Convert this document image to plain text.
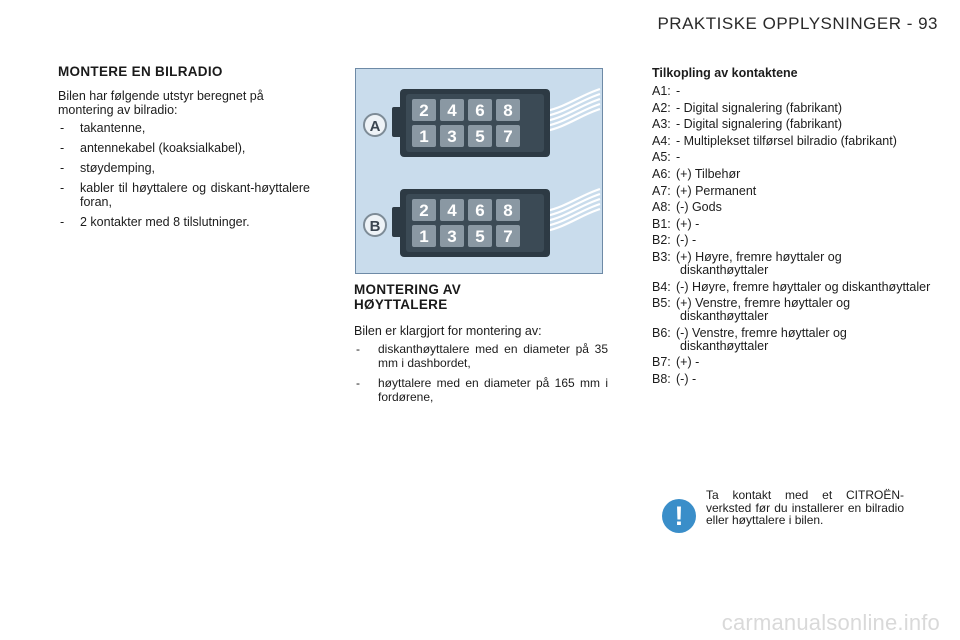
PRAKTISKE OPPLYSNINGER - 93
MONTERE EN BILRADIO

Bilen har følgende utstyr beregnet på montering av bilradio:

- takantenne,
- antennekabel (koaksialkabel),
- støydemping,
- kabler til høyttalere og diskant-høyttalere foran,
- 2 kontakter med 8 tilslutninger.
2 4 6 8
1 3 5 7
A
2 4 6 8
1 3 5 7
B
MONTERING AV
HØYTTALERE

Bilen er klargjort for montering av:

- diskanthøyttalere med en diameter på 35 mm i dashbordet,
- høyttalere med en diameter på 165 mm i fordørene,

Tilkopling av kontaktene

A1: -
A2: - Digital signalering (fabrikant)
A3: - Digital signalering (fabrikant)
A4: - Multiplekset tilførsel bilradio (fabrikant)
A5: -
A6: (+) Tilbehør
A7: (+) Permanent
A8: (-) Gods
B1: (+) -
B2: (-) -
B3: (+) Høyre, fremre høyttaler og diskanthøyttaler
B4: (-) Høyre, fremre høyttaler og diskanthøyttaler
B5: (+) Venstre, fremre høyttaler og diskanthøyttaler
B6: (-) Venstre, fremre høyttaler og diskanthøyttaler
B7: (+) -
B8: (-) -
!
Ta kontakt med et CITROËN-verksted før du installerer en bilradio eller høyttalere i bilen.
carmanualsonline.info
